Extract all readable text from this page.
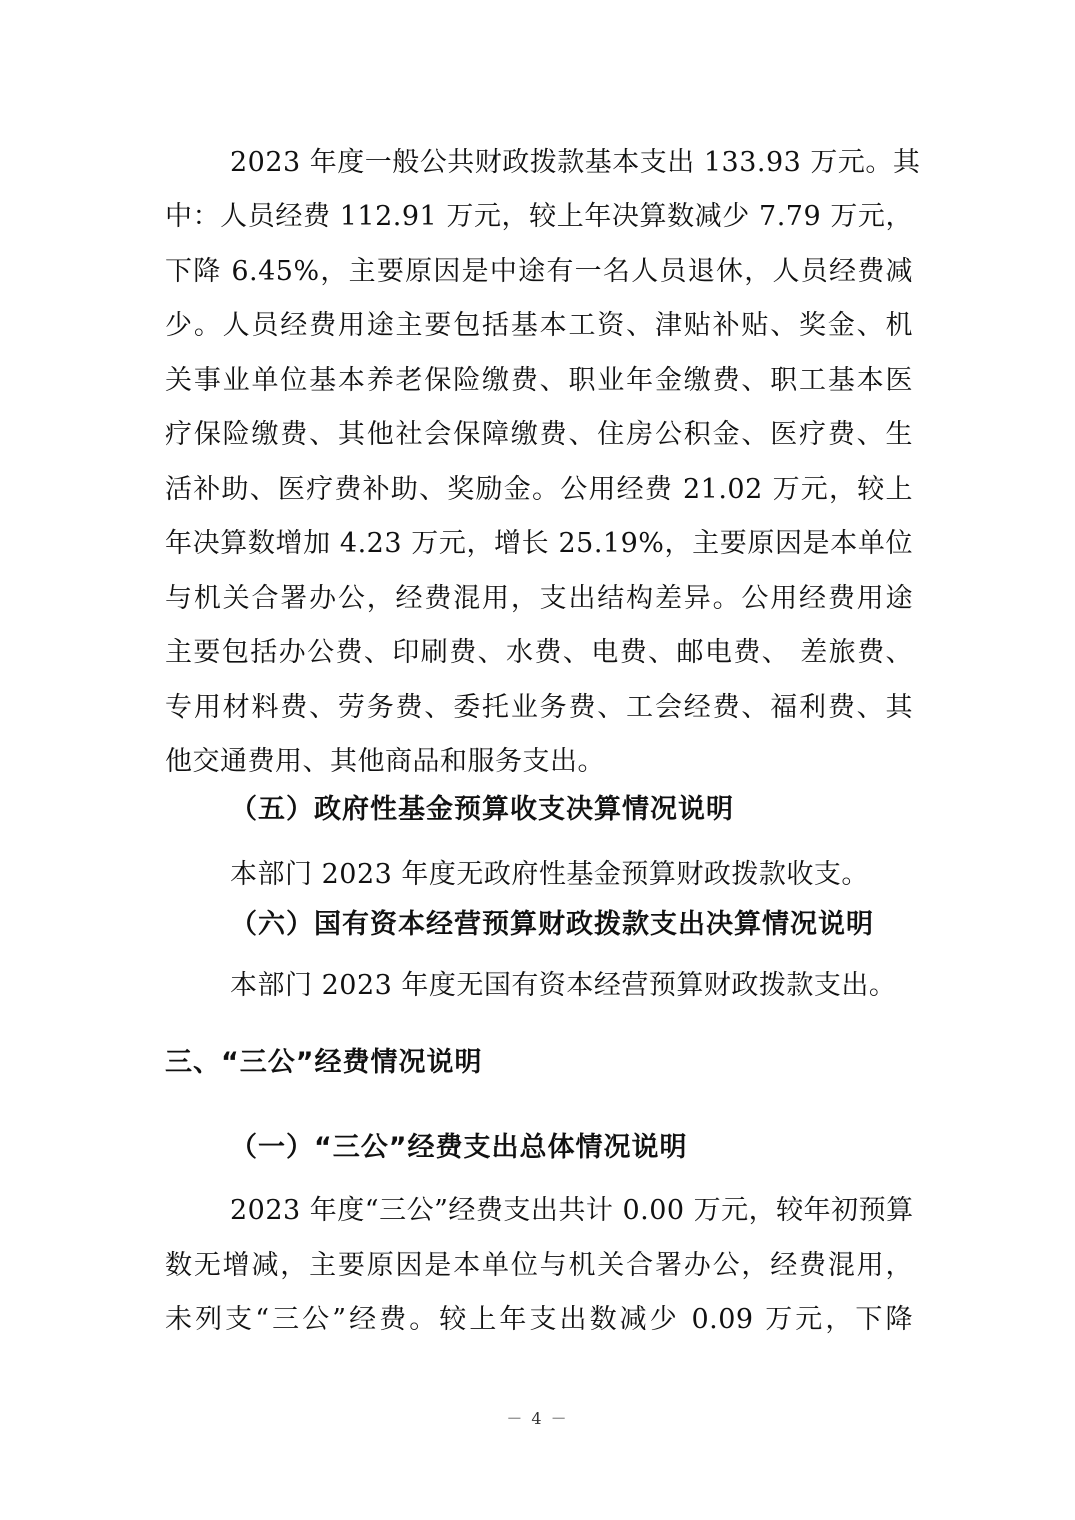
2023 年度一般公共财政拨款基本支出 133.93 万元。其
中：人员经费 112.91 万元，较上年决算数减少 7.79 万元，
下降 6.45%，主要原因是中途有一名人员退休，人员经费减
少。人员经费用途主要包括基本工资、津贴补贴、奖金、机
关事业单位基本养老保险缴费、职业年金缴费、职工基本医
疗保险缴费、其他社会保障缴费、住房公积金、医疗费、生
活补助、医疗费补助、奖励金。公用经费 21.02 万元，较上
年决算数增加 4.23 万元，增长 25.19%，主要原因是本单位
与机关合署办公，经费混用，支出结构差异。公用经费用途
主要包括办公费、印刷费、水费、电费、邮电费、 差旅费、
专用材料费、劳务费、委托业务费、工会经费、福利费、其
他交通费用、其他商品和服务支出。
（五）政府性基金预算收支决算情况说明
本部门 2023 年度无政府性基金预算财政拨款收支。
（六）国有资本经营预算财政拨款支出决算情况说明
本部门 2023 年度无国有资本经营预算财政拨款支出。
三、“三公”经费情况说明
（一）“三公”经费支出总体情况说明
2023 年度“三公”经费支出共计 0.00 万元，较年初预算
数无增减，主要原因是本单位与机关合署办公，经费混用，
未列支“三公”经费。较上年支出数减少 0.09 万元，下降
－ 4 －
